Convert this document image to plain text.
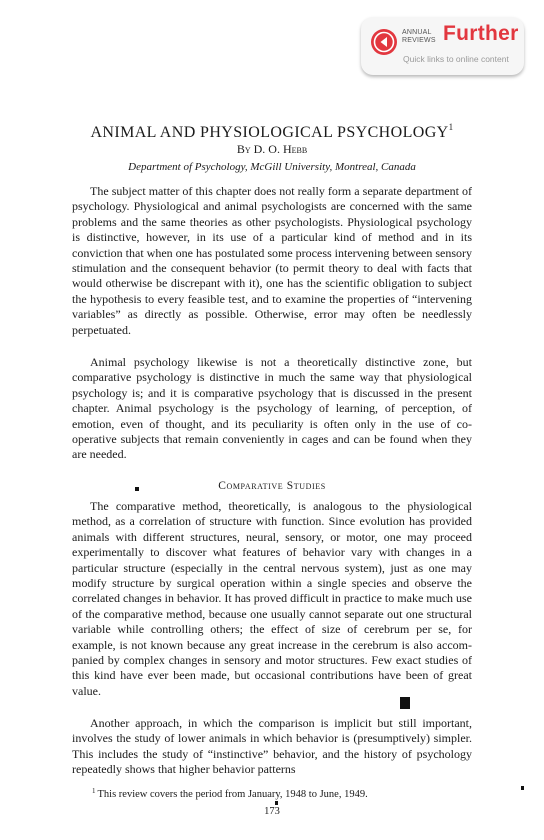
ANNUAL
REVIEWS Further
Quick links to online content
ANIMAL AND PHYSIOLOGICAL PSYCHOLOGY$^1$
By D. O. Hebb
Department of Psychology, McGill University, Montreal, Canada

The subject matter of this chapter does not really form a separate department of psychology. Physiological and animal psychologists are concerned with the same problems and the same theories as other psychologists. Physiological psychology is distinctive, however, in its use of a particular kind of method and in its conviction that when one has postulated some process intervening between sensory stimulation and the consequent behavior (to permit theory to deal with facts that would otherwise be discrepant with it), one has the scientific obligation to subject the hypothesis to every feasible test, and to examine the properties of “intervening variables” as directly as possible. Otherwise, error may often be needlessly perpetuated.

Animal psychology likewise is not a theoretically distinctive zone, but comparative psychology is distinctive in much the same way that physiological psychology is; and it is comparative psychology that is discussed in the present chapter. Animal psychology is the psychology of learning, of perception, of emotion, even of thought, and its peculiarity is often only in the use of co-operative subjects that remain conveniently in cages and can be found when they are needed.

Comparative Studies

The comparative method, theoretically, is analogous to the physiological method, as a correlation of structure with function. Since evolution has provided animals with different structures, neural, sensory, or motor, one may proceed experimentally to discover what features of behavior vary with changes in a particular structure (especially in the central nervous system), just as one may modify structure by surgical operation within a single species and observe the correlated changes in behavior. It has proved difficult in practice to make much use of the comparative method, because one usually cannot separate out one structural variable while controlling others; the effect of size of cerebrum per se, for example, is not known because any great increase in the cerebrum is also accompanied by complex changes in sensory and motor structures. Few exact studies of this kind have ever been made, but occasional contributions have been of great value.

Another approach, in which the comparison is implicit but still important, involves the study of lower animals in which behavior is (presumptively) simpler. This includes the study of “instinctive” behavior, and the history of psychology repeatedly shows that higher behavior patterns

$^1$ This review covers the period from January, 1948 to June, 1949.
173
